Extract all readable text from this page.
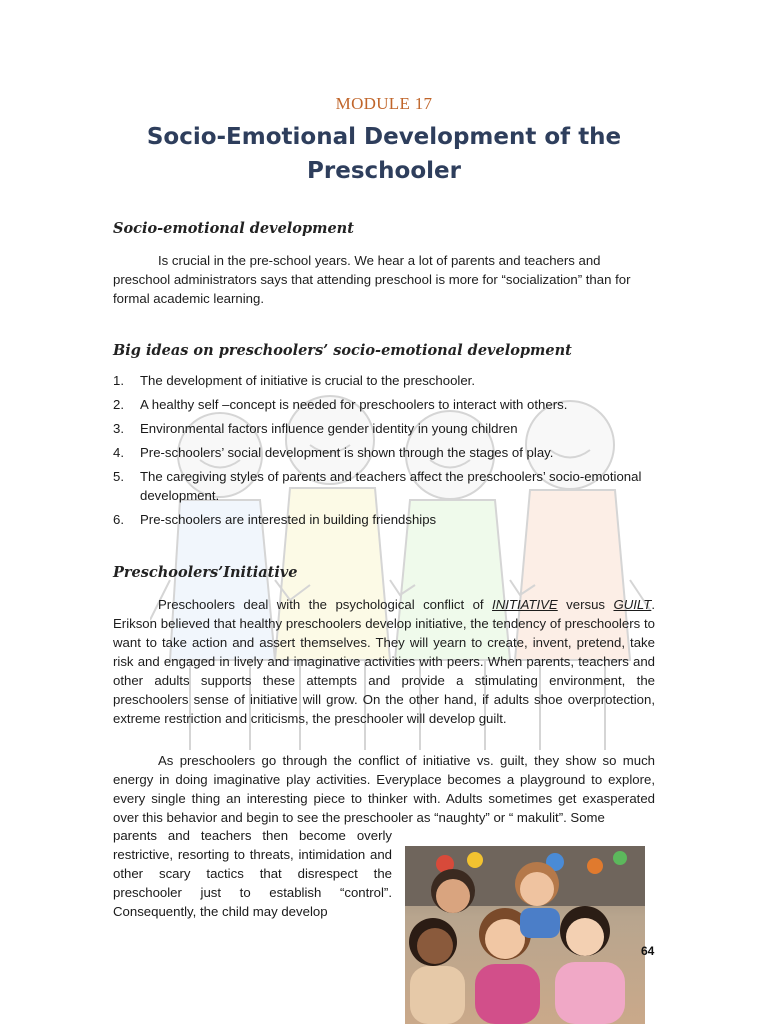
MODULE 17
Socio-Emotional Development of the Preschooler
Socio-emotional development
Is crucial in the pre-school years. We hear a lot of parents and teachers and preschool administrators says that attending preschool is more for “socialization” than for formal academic learning.
Big ideas on preschoolers’ socio-emotional development
1. The development of initiative is crucial to the preschooler.
2. A healthy self –concept is needed for preschoolers to interact with others.
3. Environmental factors influence gender identity in young children
4. Pre-schoolers’ social development is shown through the stages of play.
5. The caregiving styles of parents and teachers affect the preschoolers’ socio-emotional development.
6. Pre-schoolers are interested in building friendships
Preschoolers’Initiative
Preschoolers deal with the psychological conflict of INITIATIVE versus GUILT. Erikson believed that healthy preschoolers develop initiative, the tendency of preschoolers to want to take action and assert themselves. They will yearn to create, invent, pretend, take risk and engaged in lively and imaginative activities with peers. When parents, teachers and other adults supports these attempts and provide a stimulating environment, the preschoolers sense of initiative will grow. On the other hand, if adults shoe overprotection, extreme restriction and criticisms, the preschooler will develop guilt.
As preschoolers go through the conflict of initiative vs. guilt, they show so much energy in doing imaginative play activities. Everyplace becomes a playground to explore, every single thing an interesting piece to thinker with. Adults sometimes get exasperated over this behavior and begin to see the preschooler as “naughty” or “ makulit”. Some
parents and teachers then become overly restrictive, resorting to threats, intimidation and other scary tactics that disrespect the preschooler just to establish “control”. Consequently, the child may develop
64
